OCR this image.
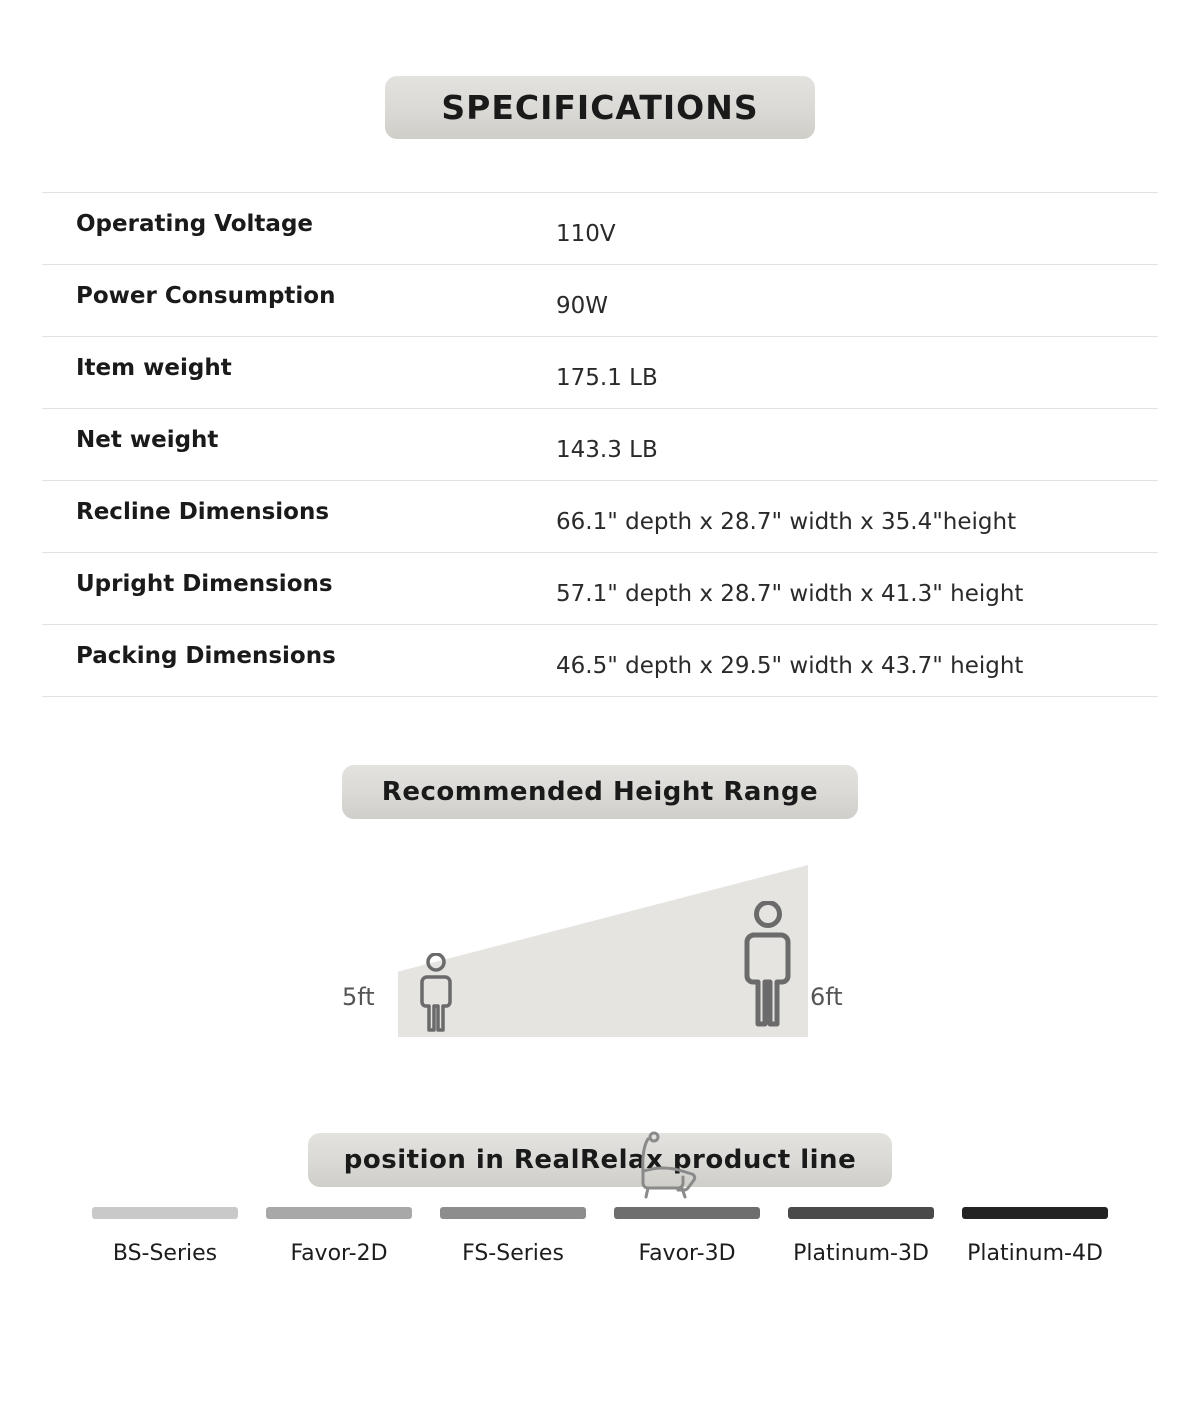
SPECIFICATIONS
Operating Voltage	110V
Power Consumption	90W
Item weight	175.1 LB
Net weight	143.3 LB
Recline Dimensions	66.1" depth x 28.7" width x 35.4"height
Upright Dimensions	57.1" depth x 28.7" width x 41.3" height
Packing Dimensions	46.5" depth x 29.5" width x 43.7" height
Recommended Height Range
5ft	6ft
position in RealRelax product line
BS-Series	Favor-2D	FS-Series	Favor-3D	Platinum-3D Platinum-4D
